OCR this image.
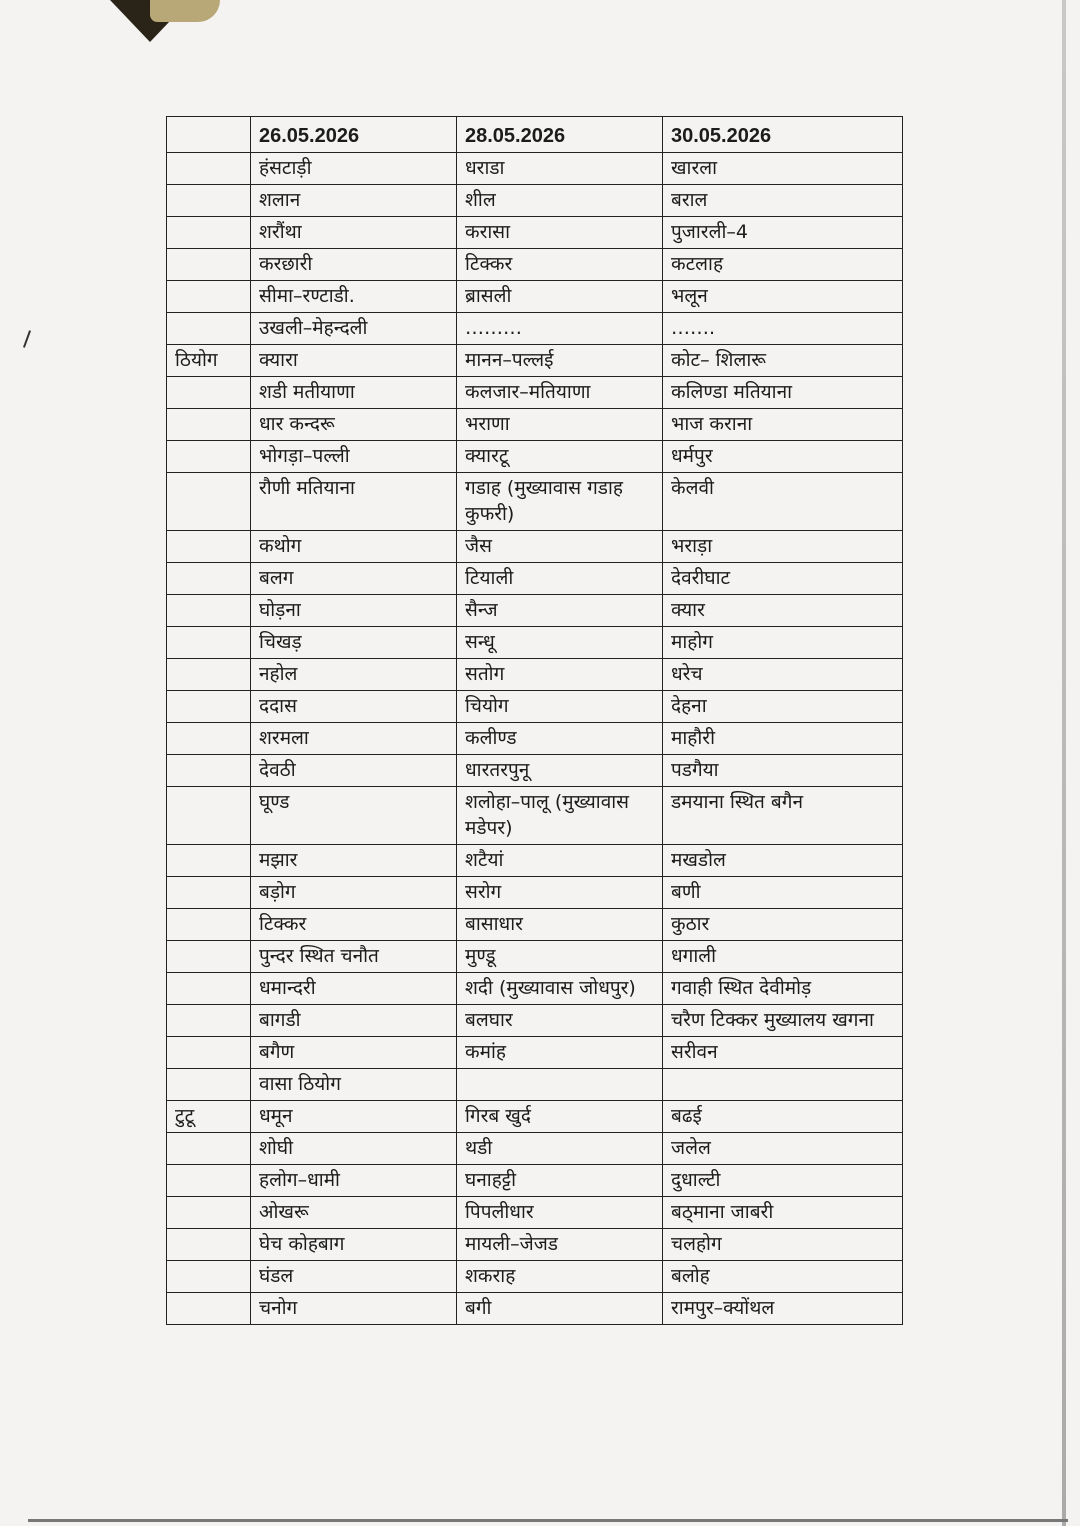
	26.05.2026	28.05.2026	30.05.2026
	हंसटाड़ी	धराडा	खारला
	शलान	शील	बराल
	शरौंथा	करासा	पुजारली–4
	करछारी	टिक्कर	कटलाह
	सीमा–रण्टाडी.	ब्रासली	भलून
	उखली–मेहन्दली	………	…….
ठियोग	क्यारा	मानन–पल्लई	कोट– शिलारू
	शडी मतीयाणा	कलजार–मतियाणा	कलिण्डा मतियाना
	धार कन्दरू	भराणा	भाज कराना
	भोगड़ा–पल्ली	क्यारटू	धर्मपुर
	रौणी मतियाना	गडाह (मुख्यावास गडाह कुफरी)	केलवी
	कथोग	जैस	भराड़ा
	बलग	टियाली	देवरीघाट
	घोड़ना	सैन्ज	क्यार
	चिखड़	सन्धू	माहोग
	नहोल	सतोग	धरेच
	ददास	चियोग	देहना
	शरमला	कलीण्ड	माहौरी
	देवठी	धारतरपुनू	पडगैया
	घूण्ड	शलोहा–पालू (मुख्यावास मडेपर)	डमयाना स्थित बगैन
	मझार	शटैयां	मखडोल
	बड़ोग	सरोग	बणी
	टिक्कर	बासाधार	कुठार
	पुन्दर स्थित चनौत	मुण्डू	धगाली
	धमान्दरी	शदी (मुख्यावास जोधपुर)	गवाही स्थित देवीमोड़
	बागडी	बलघार	चरैण टिक्कर मुख्यालय खगना
	बगैण	कमांह	सरीवन
	वासा ठियोग		
टुटू	धमून	गिरब खुर्द	बढई
	शोघी	थडी	जलेल
	हलोग–धामी	घनाहट्टी	दुधाल्टी
	ओखरू	पिपलीधार	बठ्माना जाबरी
	घेच कोहबाग	मायली–जेजड	चलहोग
	घंडल	शकराह	बलोह
	चनोग	बगी	रामपुर–क्योंथल
